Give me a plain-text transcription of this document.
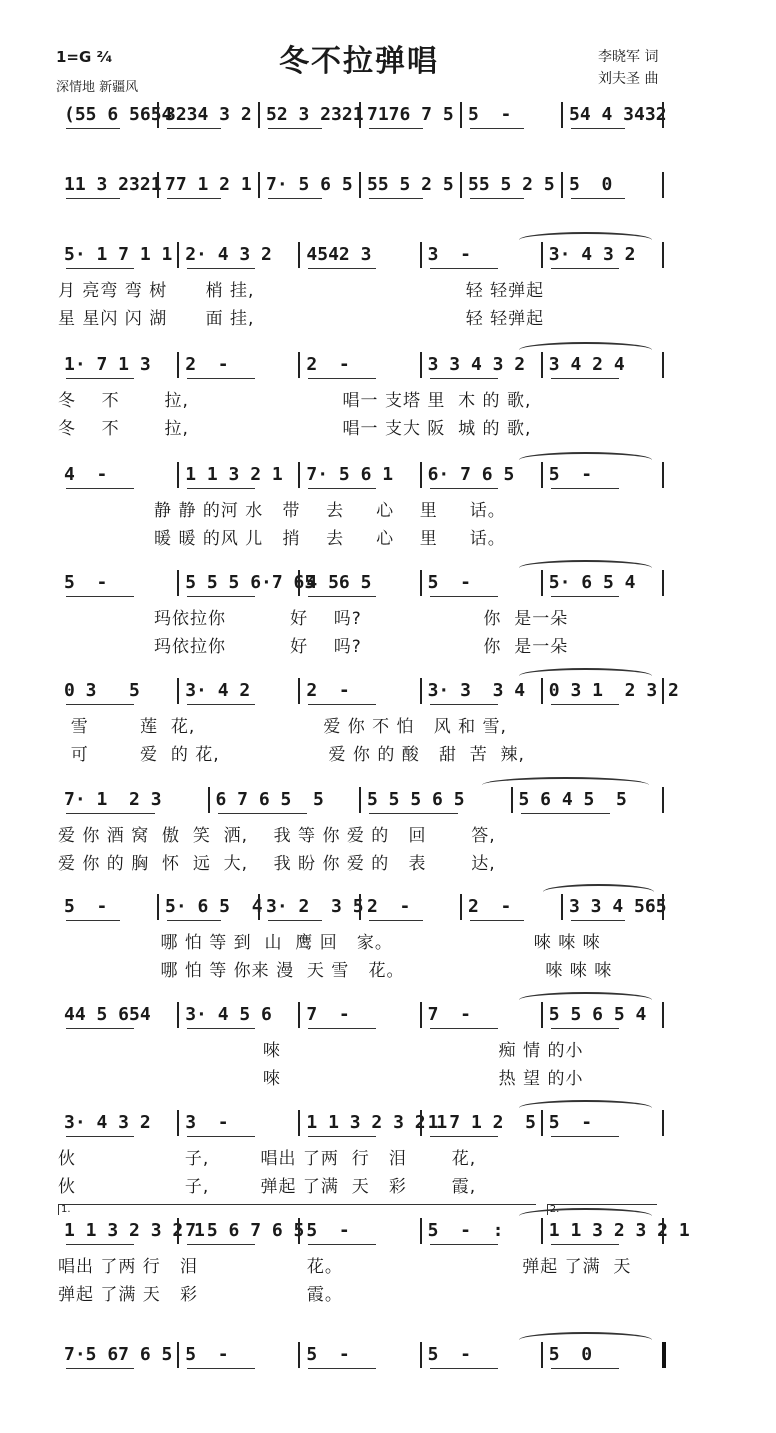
冬不拉弹唱
1=G ²⁄₄
深情地 新疆风
李晓军 词
刘夫圣 曲
(55 6 5654
3234 3 2 52 3 2321 7176 7 5 5  -	54 4 3432
11 3 2321 77 1 2 1 7· 5 6 5 55 5 2 5 55 5 2 5 5  0
5· 1 7 1 1 2· 4 3 2	4542 3	3  -	3· 4 3 2
月 亮弯 弯 树      梢 挂,                                 轻 轻弹起
星 星闪 闪 湖      面 挂,                                 轻 轻弹起
1· 7 1 3	2  -	2  -	3 3 4 3 2	3 4 2 4
冬    不       拉,                        唱一 支塔 里  木 的 歌,
冬    不       拉,                        唱一 支大 阪  城 的 歌,
4  -	1 1 3 2 1	7· 5 6 1	6· 7 6 5	5  -
静 静 的河 水   带    去     心    里     话。
暖 暖 的风 儿   捎    去     心    里     话。
5  -	5 5 5 6·7 65
4 56 5	5  -	5· 6 5 4
玛依拉你          好    吗?                   你  是一朵
玛依拉你          好    吗?                   你  是一朵
0 3   5	3· 4 2	2  -	3· 3  3 4	0 3 1  2 3 2
雪        莲  花,                    爱 你 不 怕   风 和 雪,
可        爱  的 花,                 爱 你 的 酸   甜  苦  辣,
7· 1  2 3	6 7 6 5  5	5 5 5 6 5	5 6 4 5  5
爱 你 酒 窝  傲  笑  洒,    我 等 你 爱 的   回       答,
爱 你 的 胸  怀  远  大,    我 盼 你 爱 的   表       达,
5  -	5· 6 5  4 3· 2  3 5 2  -	2  -	3 3 4 565
哪 怕 等 到  山  鹰 回   家。                      唻 唻 唻
哪 怕 等 你来 漫  天 雪   花。                      唻 唻 唻
44 5 654	3· 4 5 6	7  -	7  -	5 5 6 5 4
唻                                  痴 情 的小
唻                                  热 望 的小
3· 4 3 2	3  -	1 1 3 2 3 2 1
1 7 1 2  5 5  -
伙                 子,        唱出 了两  行   泪       花,
伙                 子,        弹起 了满  天   彩       霞,
1 1 3 2 3 2 1
7 5 6 7 6 5 5  -	5  -  :	1 1 3 2 3 2 1
1.	2.
唱出 了两 行   泪                 花。                            弹起 了满  天
弹起 了满 天   彩                 霞。
7·5 67 6 5 5  -	5  -	5  -	5  0
